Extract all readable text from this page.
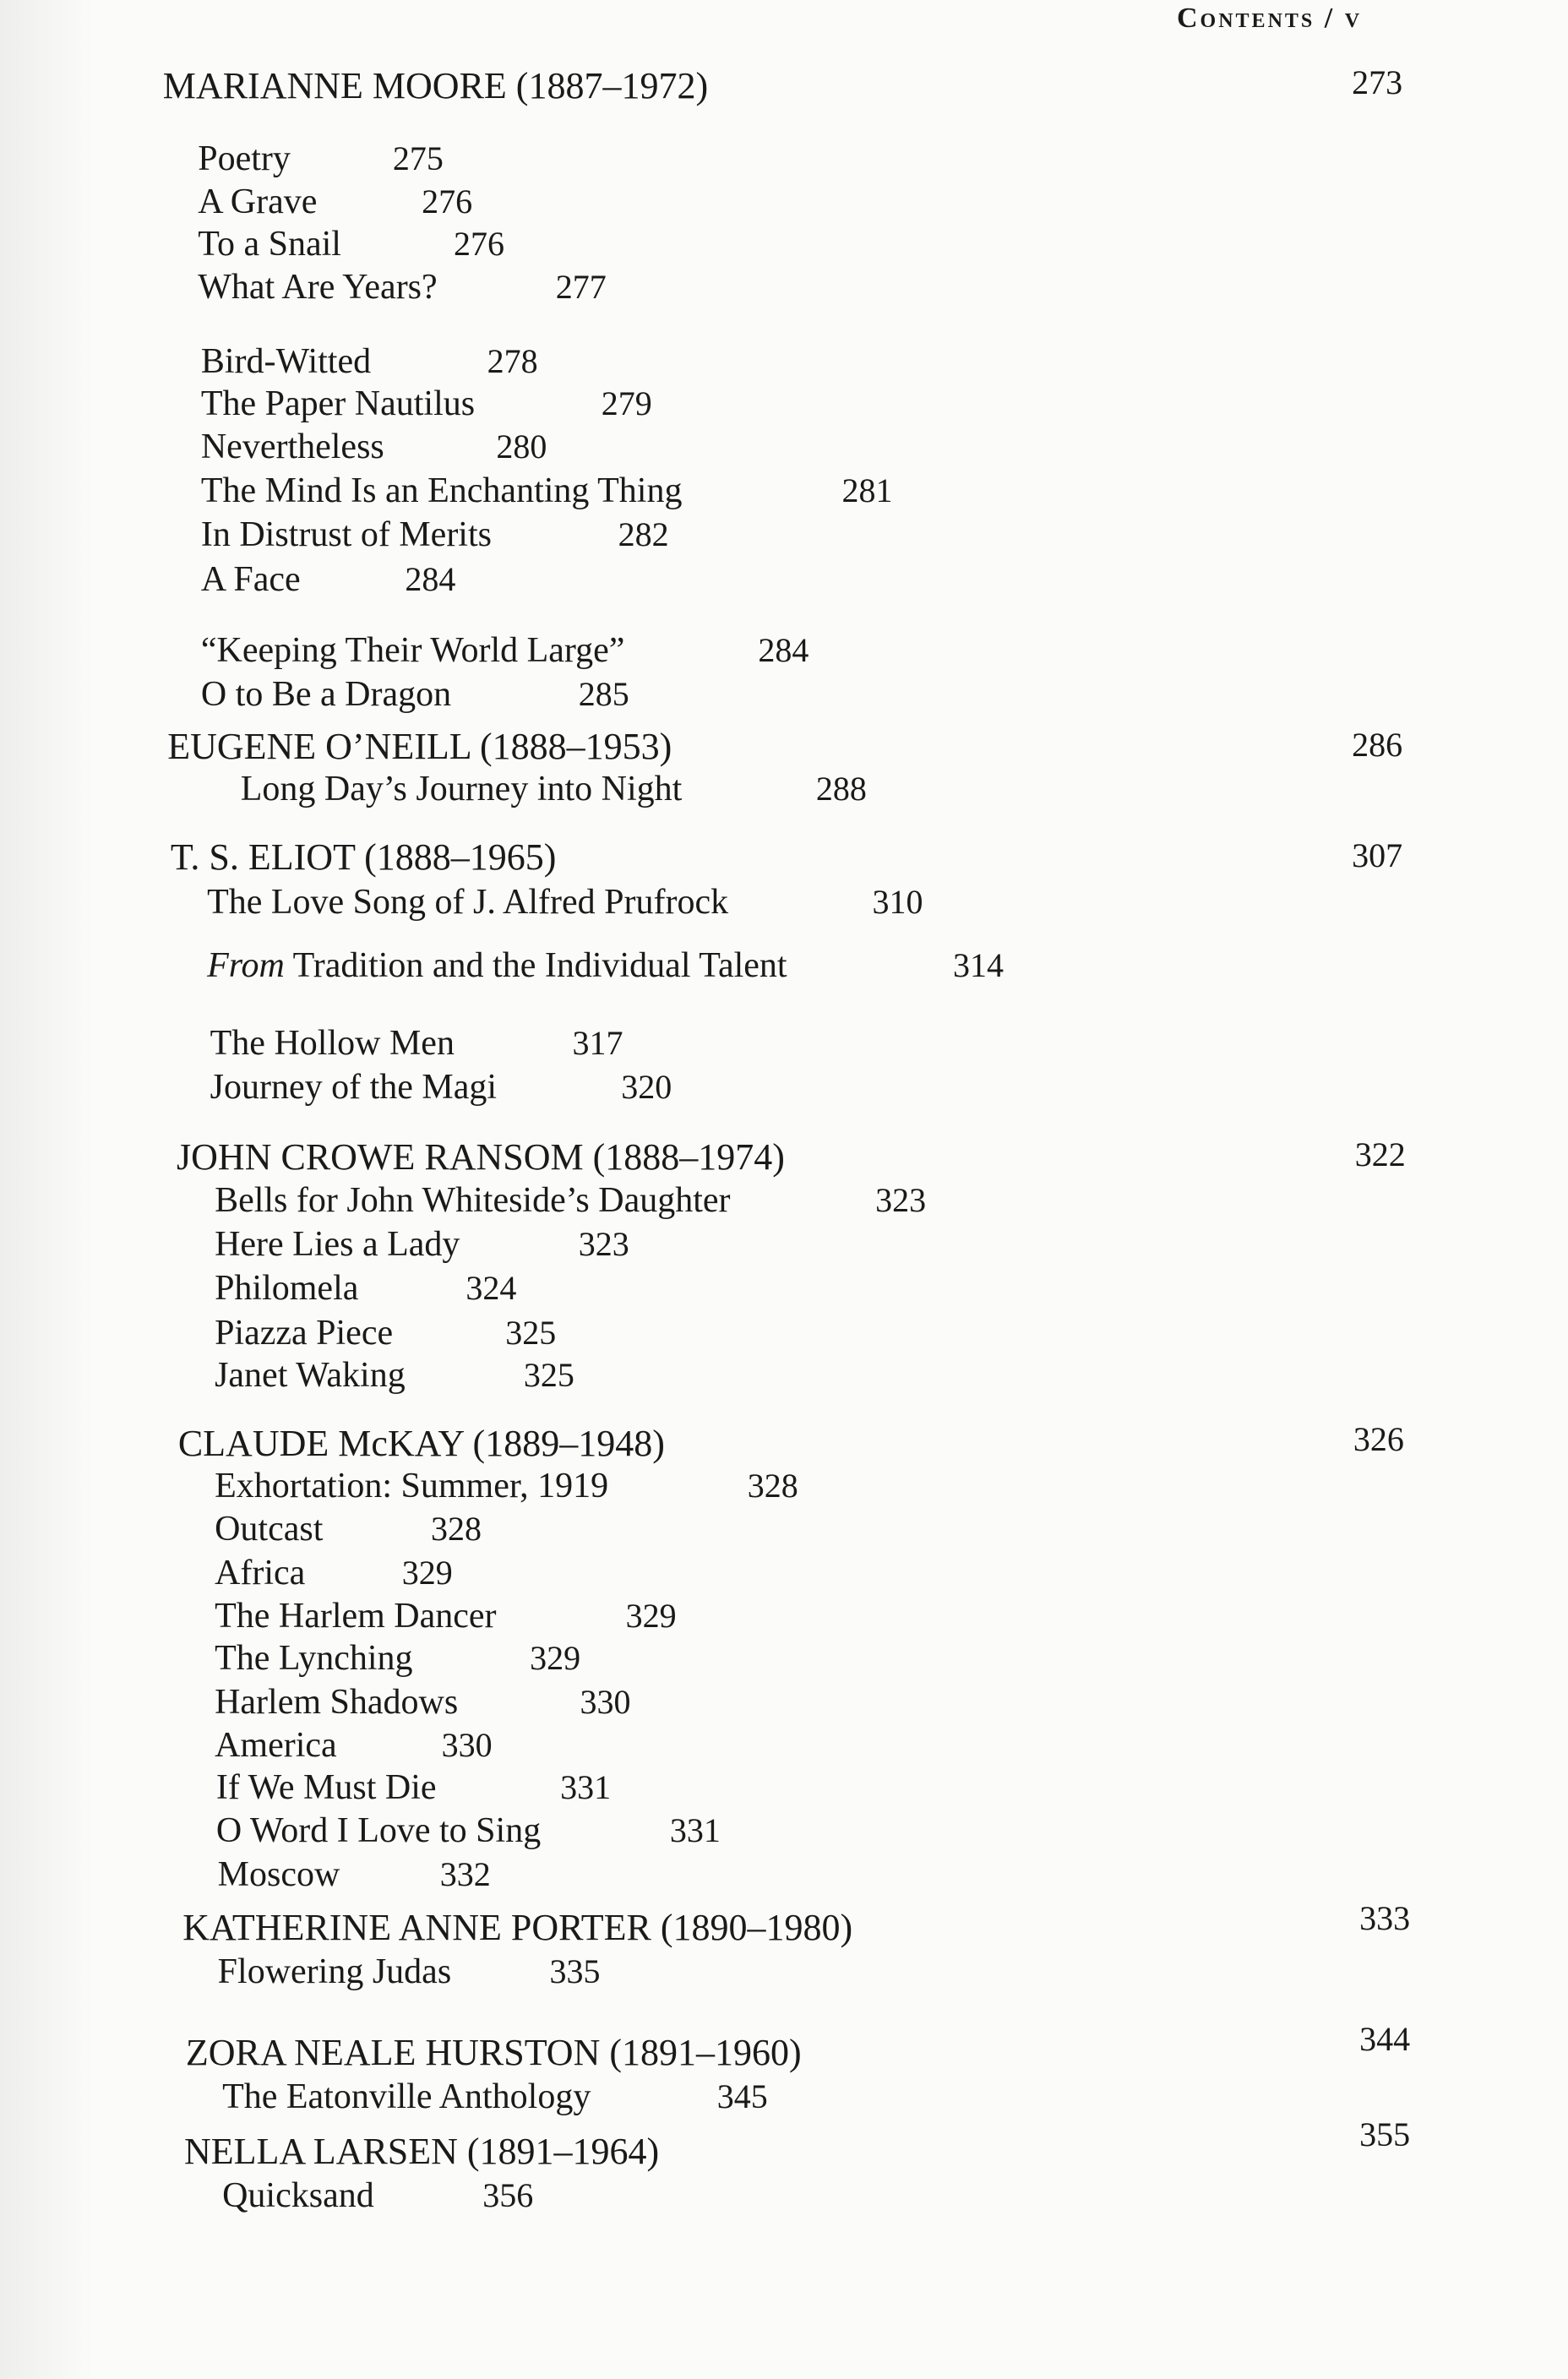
Contents / v
MARIANNE MOORE (1887–1972)	273
Poetry	275
A Grave	276
To a Snail	276
What Are Years?	277
Bird-Witted	278
The Paper Nautilus	279
Nevertheless	280
The Mind Is an Enchanting Thing	281
In Distrust of Merits	282
A Face	284
“Keeping Their World Large”	284
O to Be a Dragon	285
EUGENE O’NEILL (1888–1953)	286
Long Day’s Journey into Night	288
T. S. ELIOT (1888–1965)	307
The Love Song of J. Alfred Prufrock	310
From Tradition and the Individual Talent	314
The Hollow Men	317
Journey of the Magi	320
JOHN CROWE RANSOM (1888–1974)	322
Bells for John Whiteside’s Daughter	323
Here Lies a Lady	323
Philomela	324
Piazza Piece	325
Janet Waking	325
CLAUDE McKAY (1889–1948)	326
Exhortation: Summer, 1919	328
Outcast	328
Africa	329
The Harlem Dancer	329
The Lynching	329
Harlem Shadows	330
America	330
If We Must Die	331
O Word I Love to Sing	331
Moscow	332
KATHERINE ANNE PORTER (1890–1980)	333
Flowering Judas	335
ZORA NEALE HURSTON (1891–1960)	344
The Eatonville Anthology	345
NELLA LARSEN (1891–1964)	355
Quicksand	356
